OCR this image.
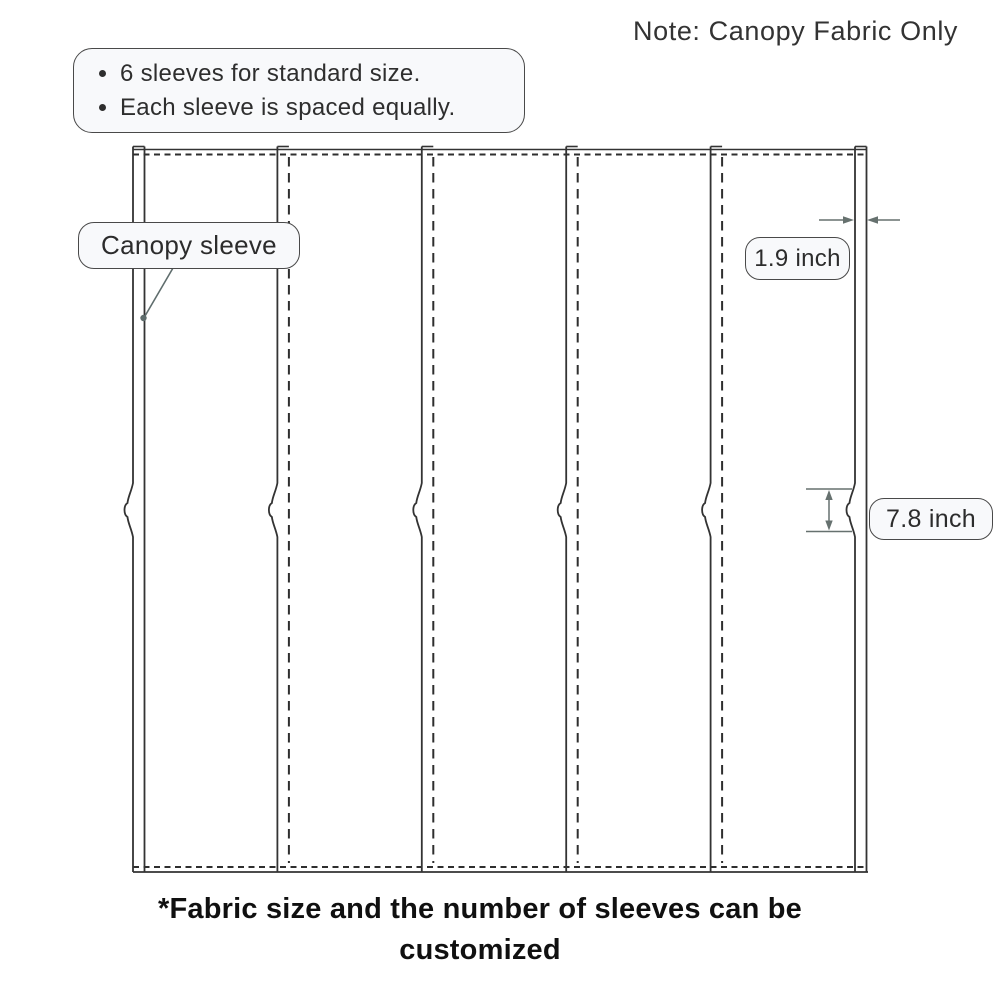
Note: Canopy Fabric Only
• 6 sleeves for standard size.
• Each sleeve is spaced equally.
Canopy sleeve	1.9 inch
7.8 inch
*Fabric size and the number of sleeves can be
customized
